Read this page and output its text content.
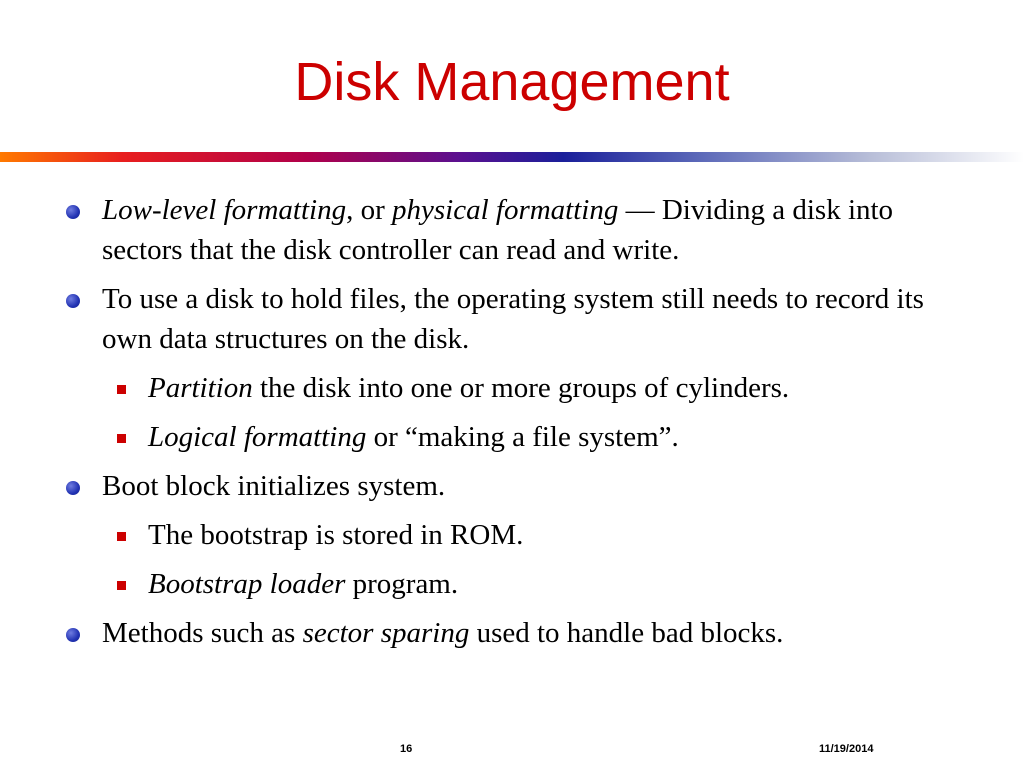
Disk Management
Low-level formatting, or physical formatting — Dividing a disk into sectors that the disk controller can read and write.
To use a disk to hold files, the operating system still needs to record its own data structures on the disk.
Partition the disk into one or more groups of cylinders.
Logical formatting or “making a file system”.
Boot block initializes system.
The bootstrap is stored in ROM.
Bootstrap loader program.
Methods such as sector sparing used to handle bad blocks.
16	11/19/2014
